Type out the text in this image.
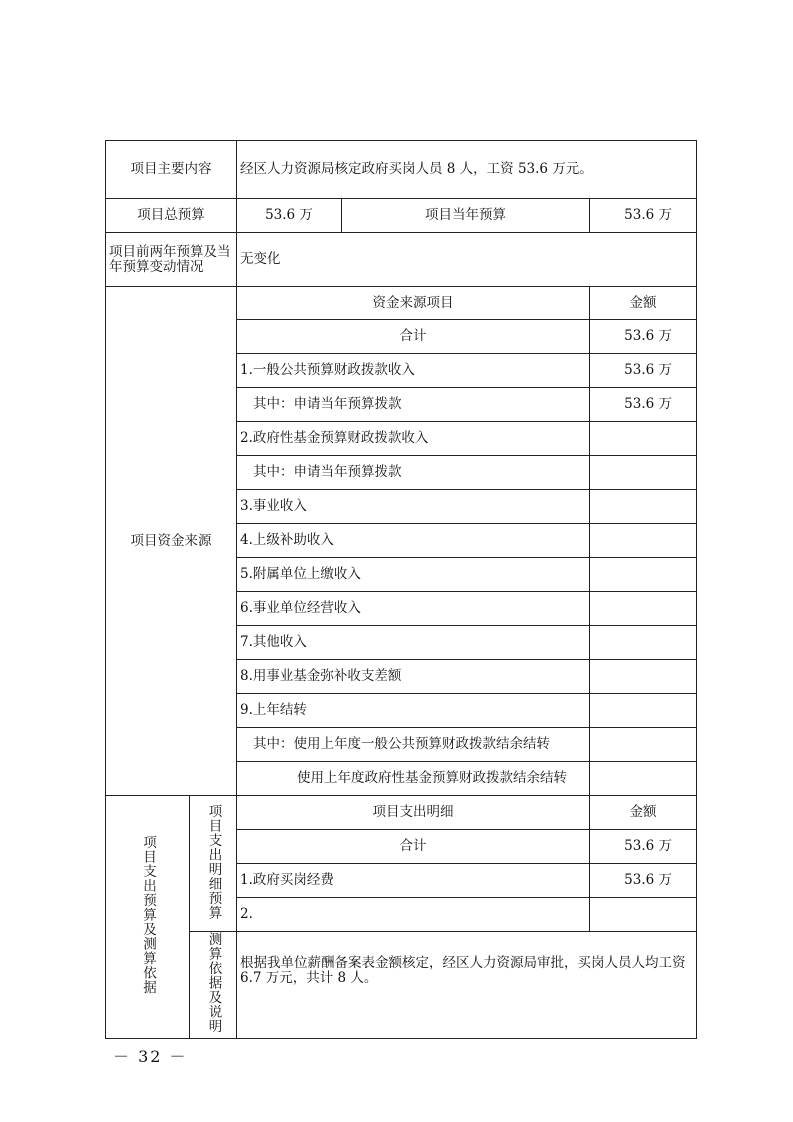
项目主要内容		经区人力资源局核定政府买岗人员 8 人，工资 53.6 万元。		
项目总预算		53.6 万	项目当年预算	53.6 万
项目前两年预算及当年预算变动情况		无变化		
项目资金来源		资金来源项目		金额
		合计		53.6 万
		1.一般公共预算财政拨款收入		53.6 万
		其中：申请当年预算拨款		53.6 万
		2.政府性基金预算财政拨款收入		
		其中：申请当年预算拨款		
		3.事业收入		
		4.上级补助收入		
		5.附属单位上缴收入		
		6.事业单位经营收入		
		7.其他收入		
		8.用事业基金弥补收支差额		
		9.上年结转		
		其中：使用上年度一般公共预算财政拨款结余结转		
		使用上年度政府性基金预算财政拨款结余结转		
项目支出预算及测算依据	项目支出明细预算	项目支出明细		金额
		合计		53.6 万
		1.政府买岗经费		53.6 万
		2.		
	测算依据及说明	根据我单位薪酬备案表金额核定，经区人力资源局审批，买岗人员人均工资 6.7 万元，共计 8 人。		
－ 32 －
